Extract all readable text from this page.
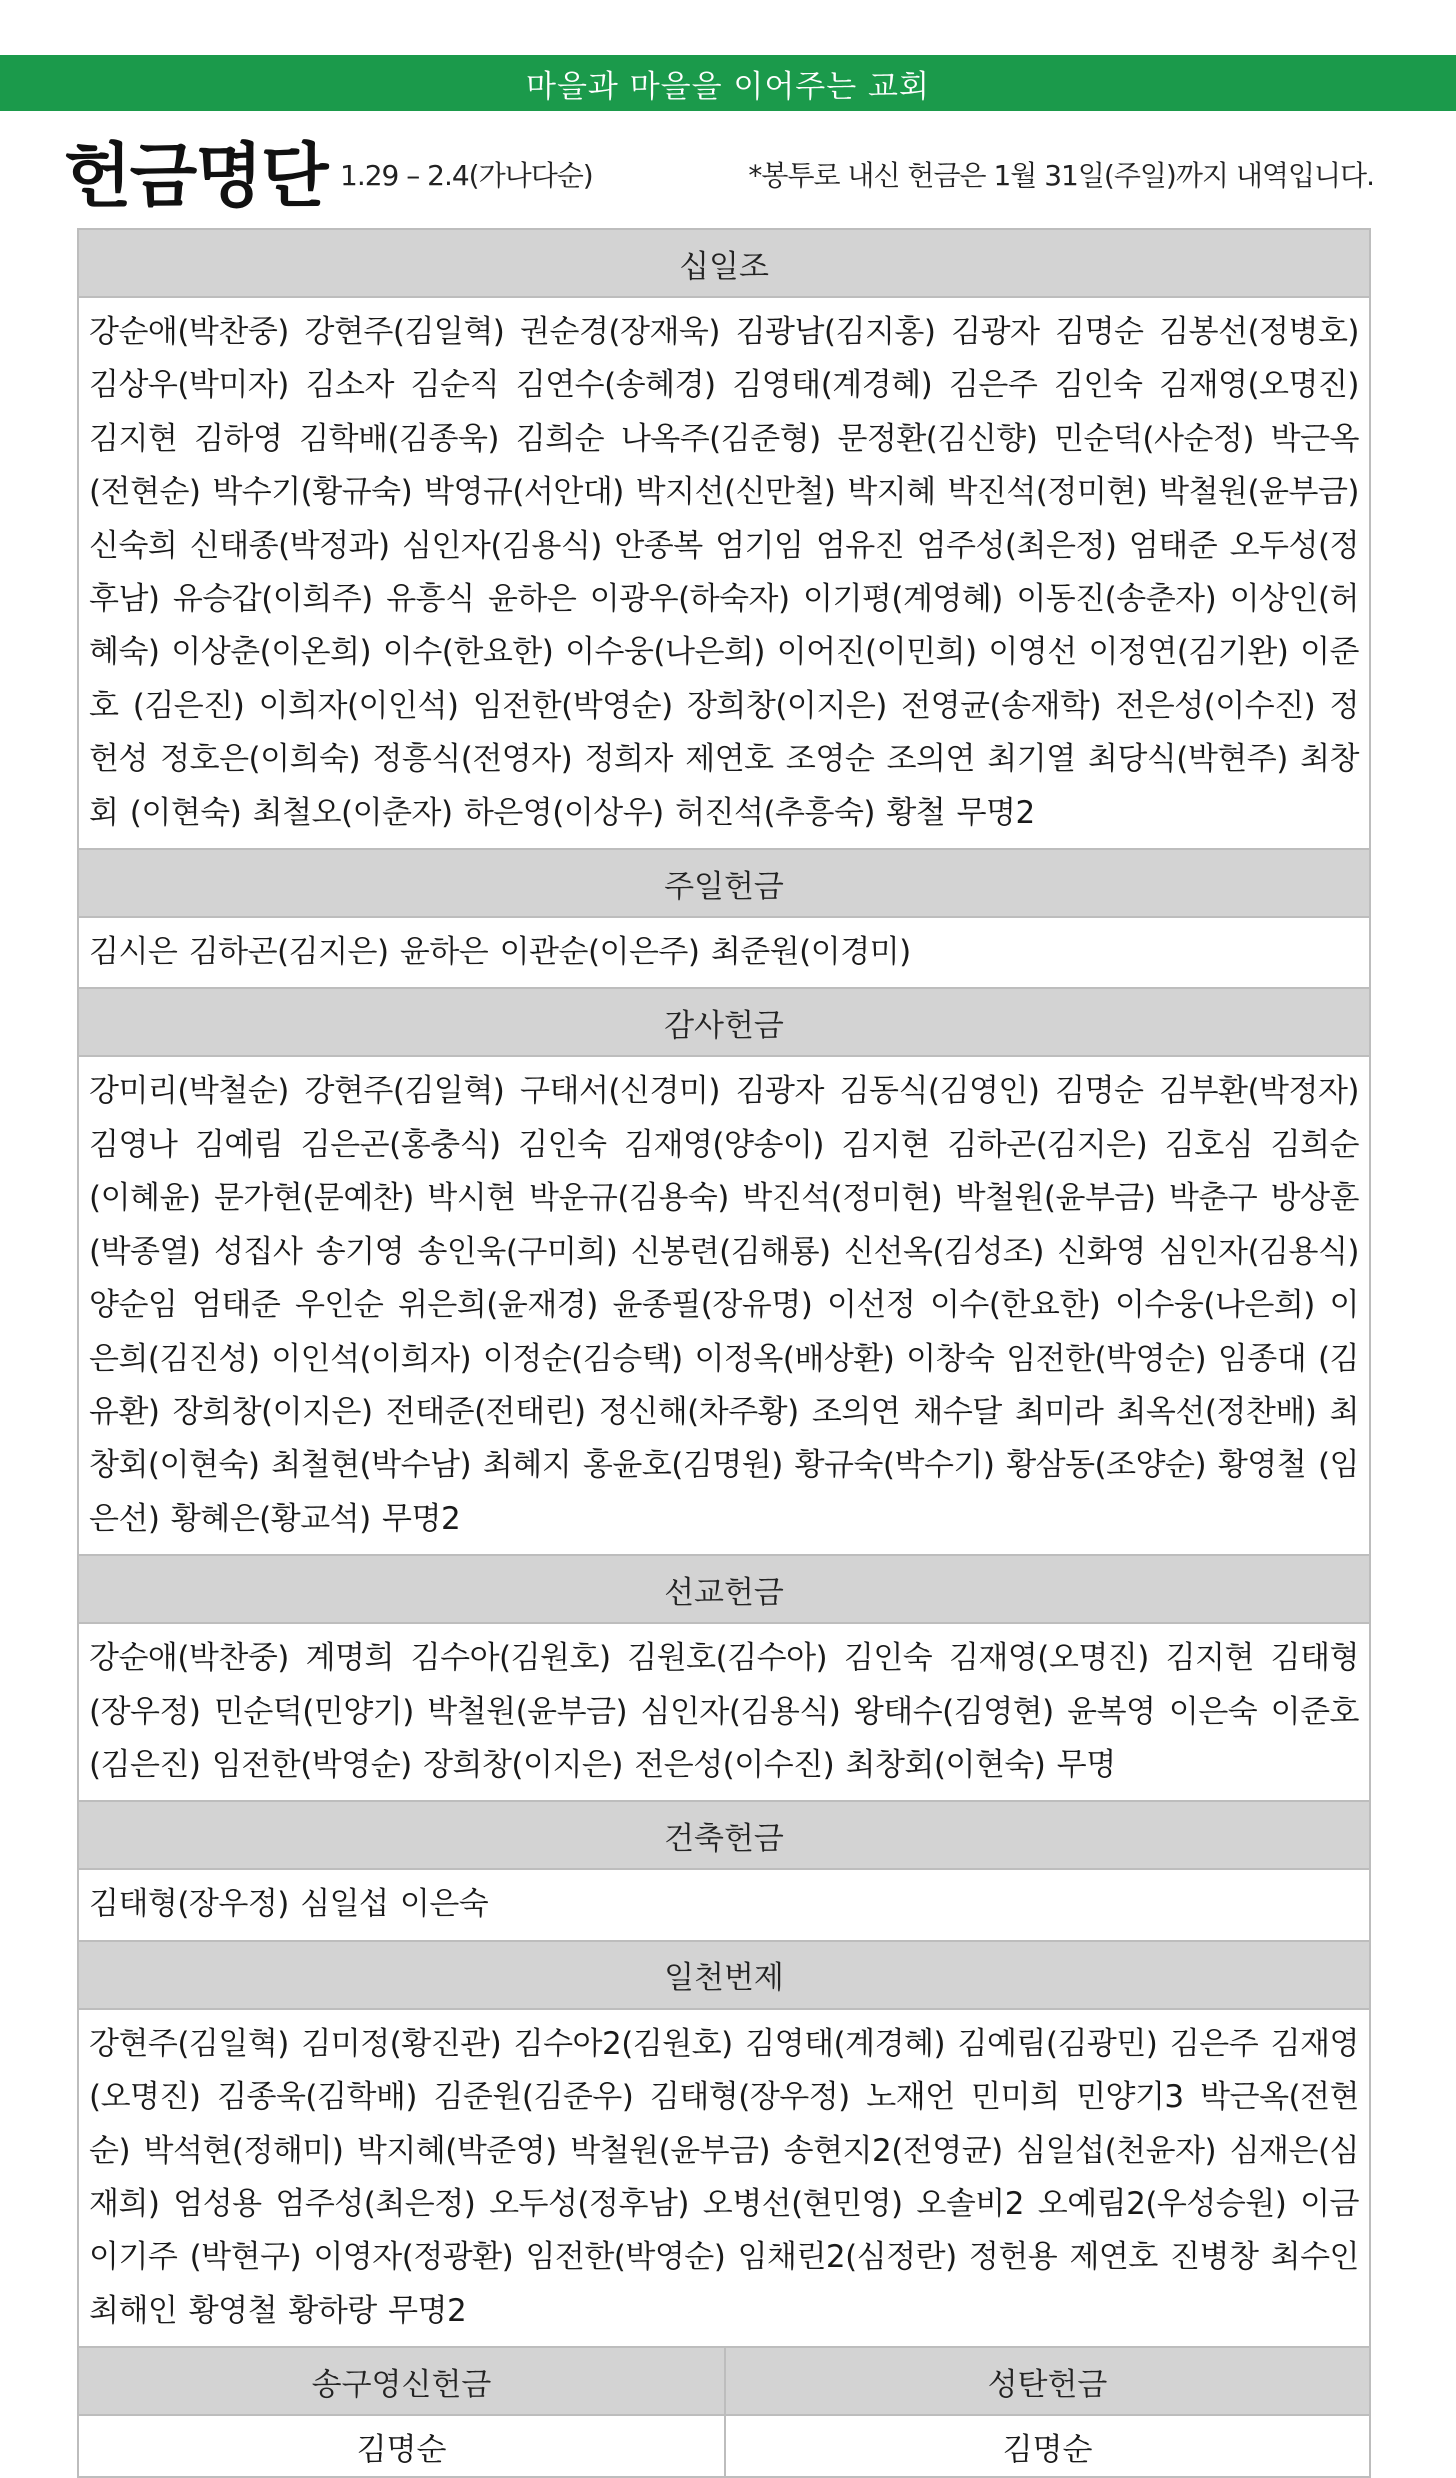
마을과 마을을 이어주는 교회
헌금명단 1.29 – 2.4(가나다순)	*봉투로 내신 헌금은 1월 31일(주일)까지 내역입니다.
십일조
강순애(박찬중) 강현주(김일혁) 권순경(장재욱) 김광남(김지홍) 김광자 김명순 김봉선(정병호) 김상우(박미자) 김소자 김순직 김연수(송혜경) 김영태(계경혜) 김은주 김인숙 김재영(오명진) 김지현 김하영 김학배(김종욱) 김희순 나옥주(김준형) 문정환(김신향) 민순덕(사순정) 박근옥(전현순) 박수기(황규숙) 박영규(서안대) 박지선(신만철) 박지혜 박진석(정미현) 박철원(윤부금) 신숙희 신태종(박정과) 심인자(김용식) 안종복 엄기임 엄유진 엄주성(최은정) 엄태준 오두성(정후남) 유승갑(이희주) 유흥식 윤하은 이광우(하숙자) 이기평(계영혜) 이동진(송춘자) 이상인(허혜숙) 이상춘(이온희) 이수(한요한) 이수웅(나은희) 이어진(이민희) 이영선 이정연(김기완) 이준호 (김은진) 이희자(이인석) 임전한(박영순) 장희창(이지은) 전영균(송재학) 전은성(이수진) 정헌성 정호은(이희숙) 정흥식(전영자) 정희자 제연호 조영순 조의연 최기열 최당식(박현주) 최창회 (이현숙) 최철오(이춘자) 하은영(이상우) 허진석(추흥숙) 황철 무명2
주일헌금
김시은 김하곤(김지은) 윤하은 이관순(이은주) 최준원(이경미)
감사헌금
강미리(박철순) 강현주(김일혁) 구태서(신경미) 김광자 김동식(김영인) 김명순 김부환(박정자) 김영나 김예림 김은곤(홍충식) 김인숙 김재영(양송이) 김지현 김하곤(김지은) 김호심 김희순 (이혜윤) 문가현(문예찬) 박시현 박운규(김용숙) 박진석(정미현) 박철원(윤부금) 박춘구 방상훈 (박종열) 성집사 송기영 송인욱(구미희) 신봉련(김해룡) 신선옥(김성조) 신화영 심인자(김용식) 양순임 엄태준 우인순 위은희(윤재경) 윤종필(장유명) 이선정 이수(한요한) 이수웅(나은희) 이은희(김진성) 이인석(이희자) 이정순(김승택) 이정옥(배상환) 이창숙 임전한(박영순) 임종대 (김유환) 장희창(이지은) 전태준(전태린) 정신해(차주황) 조의연 채수달 최미라 최옥선(정찬배) 최창회(이현숙) 최철현(박수남) 최혜지 홍윤호(김명원) 황규숙(박수기) 황삼동(조양순) 황영철 (임은선) 황혜은(황교석) 무명2
선교헌금
강순애(박찬중) 계명희 김수아(김원호) 김원호(김수아) 김인숙 김재영(오명진) 김지현 김태형 (장우정) 민순덕(민양기) 박철원(윤부금) 심인자(김용식) 왕태수(김영현) 윤복영 이은숙 이준호 (김은진) 임전한(박영순) 장희창(이지은) 전은성(이수진) 최창회(이현숙) 무명
건축헌금
김태형(장우정) 심일섭 이은숙
일천번제
강현주(김일혁) 김미정(황진관) 김수아2(김원호) 김영태(계경혜) 김예림(김광민) 김은주 김재영 (오명진) 김종욱(김학배) 김준원(김준우) 김태형(장우정) 노재언 민미희 민양기3 박근옥(전현순) 박석현(정해미) 박지혜(박준영) 박철원(윤부금) 송현지2(전영균) 심일섭(천윤자) 심재은(심재희) 엄성용 엄주성(최은정) 오두성(정후남) 오병선(현민영) 오솔비2 오예림2(우성승원) 이금 이기주 (박현구) 이영자(정광환) 임전한(박영순) 임채린2(심정란) 정헌용 제연호 진병창 최수인 최해인 황영철 황하랑 무명2
송구영신헌금
김명순
성탄헌금
김명순
